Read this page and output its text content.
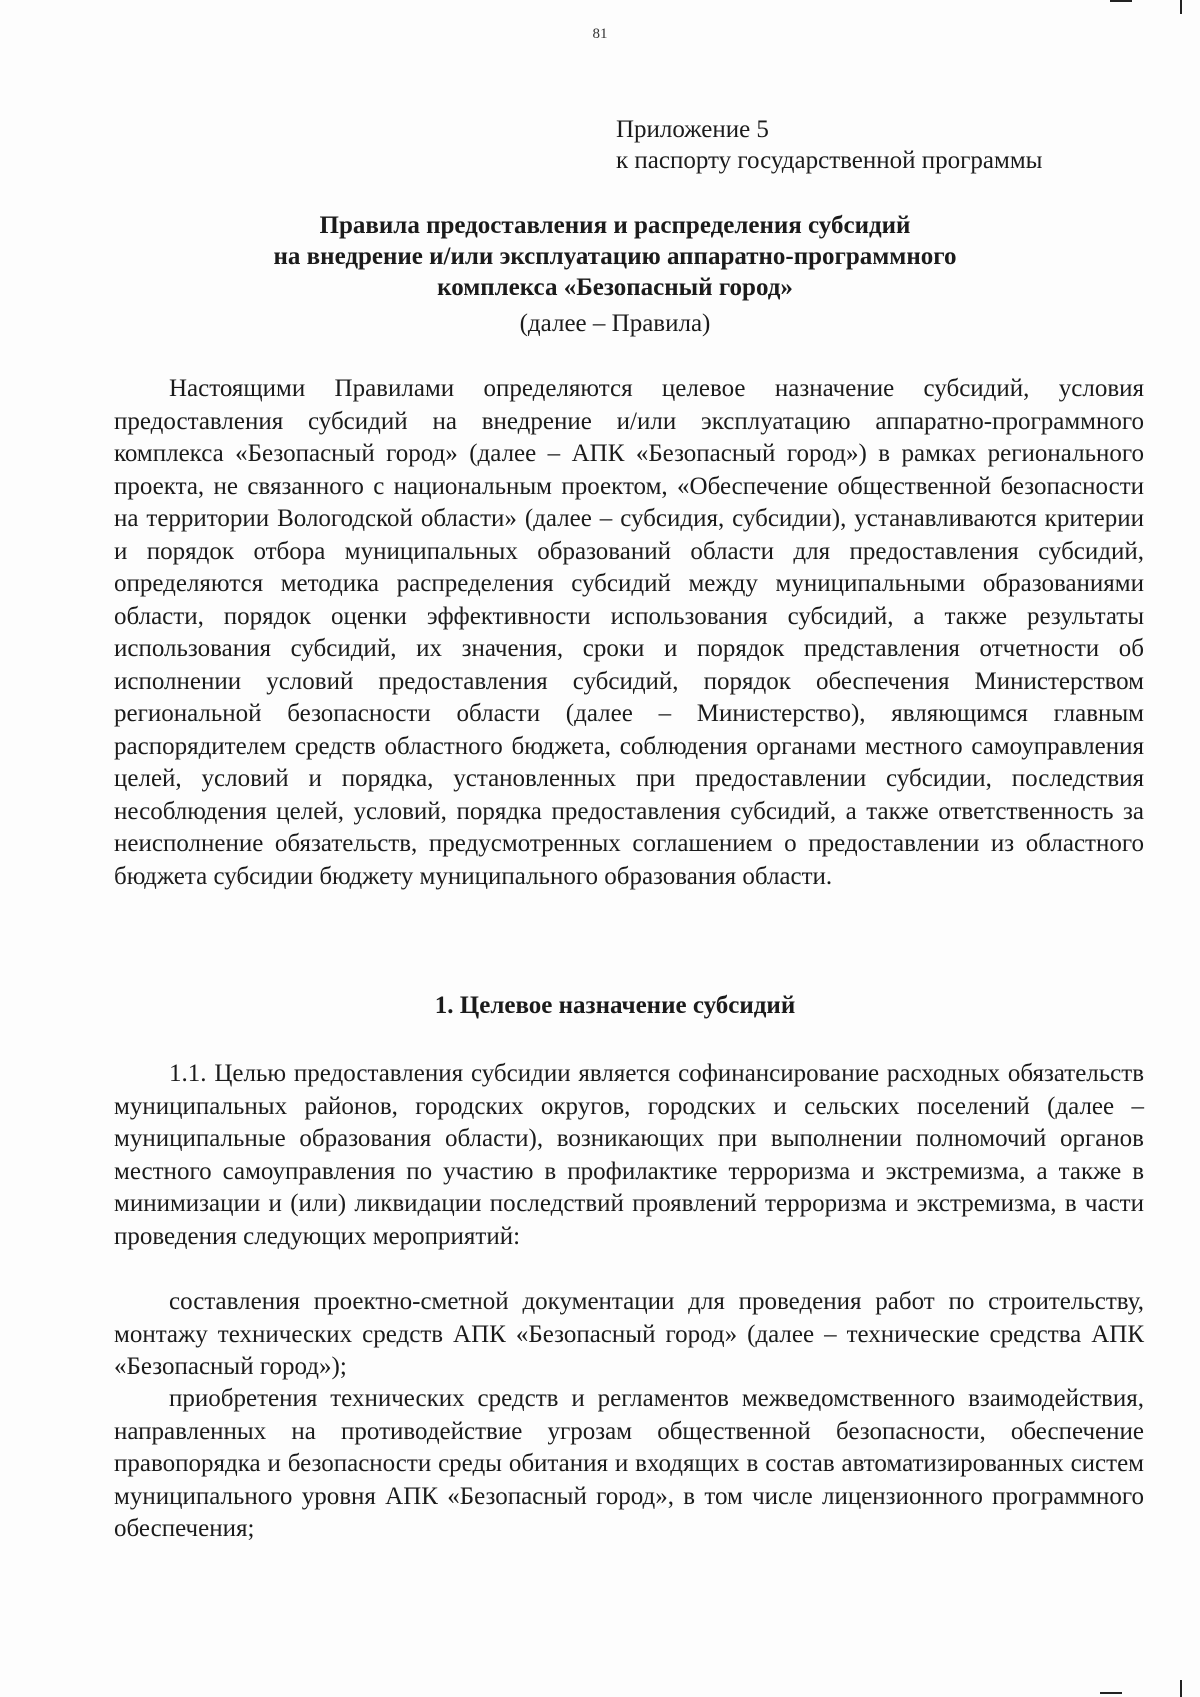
81
Приложение 5
к паспорту государственной программы
Правила предоставления и распределения субсидий
на внедрение и/или эксплуатацию аппаратно-программного
комплекса «Безопасный город»
(далее – Правила)

Настоящими Правилами определяются целевое назначение субсидий, условия предоставления субсидий на внедрение и/или эксплуатацию аппаратно-программного комплекса «Безопасный город» (далее – АПК «Безопасный город») в рамках регионального проекта, не связанного с национальным проектом, «Обеспечение общественной безопасности на территории Вологодской области» (далее – субсидия, субсидии), устанавливаются критерии и порядок отбора муниципальных образований области для предоставления субсидий, определяются методика распределения субсидий между муниципальными образованиями области, порядок оценки эффективности использования субсидий, а также результаты использования субсидий, их значения, сроки и порядок представления отчетности об исполнении условий предоставления субсидий, порядок обеспечения Министерством региональной безопасности области (далее – Министерство), являющимся главным распорядителем средств областного бюджета, соблюдения органами местного самоуправления целей, условий и порядка, установленных при предоставлении субсидии, последствия несоблюдения целей, условий, порядка предоставления субсидий, а также ответственность за неисполнение обязательств, предусмотренных соглашением о предоставлении из областного бюджета субсидии бюджету муниципального образования области.

1. Целевое назначение субсидий

1.1. Целью предоставления субсидии является софинансирование расходных обязательств муниципальных районов, городских округов, городских и сельских поселений (далее – муниципальные образования области), возникающих при выполнении полномочий органов местного самоуправления по участию в профилактике терроризма и экстремизма, а также в минимизации и (или) ликвидации последствий проявлений терроризма и экстремизма, в части проведения следующих мероприятий:

составления проектно-сметной документации для проведения работ по строительству, монтажу технических средств АПК «Безопасный город» (далее – технические средства АПК «Безопасный город»);

приобретения технических средств и регламентов межведомственного взаимодействия, направленных на противодействие угрозам общественной безопасности, обеспечение правопорядка и безопасности среды обитания и входящих в состав автоматизированных систем муниципального уровня АПК «Безопасный город», в том числе лицензионного программного обеспечения;
